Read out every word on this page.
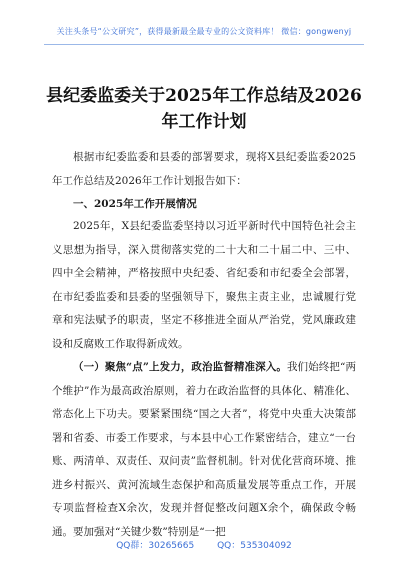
关注头条号“公文研究”，获得最新最全最专业的公文资料库！ 微信：gongwenyj
县纪委监委关于2025年工作总结及2026年工作计划
根据市纪委监委和县委的部署要求，现将X县纪委监委2025年工作总结及2026年工作计划报告如下：
一、2025年工作开展情况
2025年，X县纪委监委坚持以习近平新时代中国特色社会主义思想为指导，深入贯彻落实党的二十大和二十届二中、三中、四中全会精神，严格按照中央纪委、省纪委和市纪委全会部署，在市纪委监委和县委的坚强领导下，聚焦主责主业，忠诚履行党章和宪法赋予的职责，坚定不移推进全面从严治党，党风廉政建设和反腐败工作取得新成效。
（一）聚焦“点”上发力，政治监督精准深入。我们始终把“两个维护”作为最高政治原则，着力在政治监督的具体化、精准化、常态化上下功夫。要紧紧围绕“国之大者”，将党中央重大决策部署和省委、市委工作要求，与本县中心工作紧密结合，建立“一台账、两清单、双责任、双问责”监督机制。针对优化营商环境、推进乡村振兴、黄河流域生态保护和高质量发展等重点工作，开展专项监督检查X余次，发现并督促整改问题X余个，确保政令畅通。要加强对“关键少数”特别是“一把
QQ群：30265665	QQ：535304092
